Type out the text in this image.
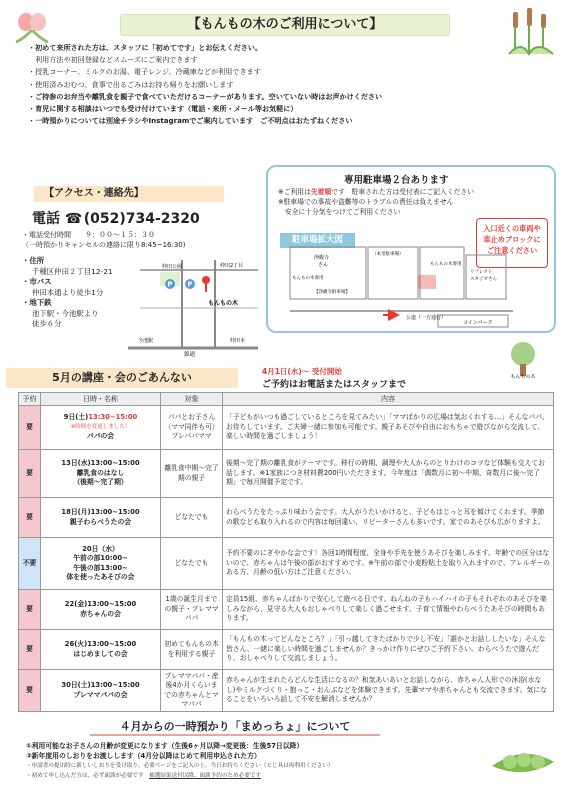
【もんもの木のご利用について】
・初めて来所された方は、スタッフに「初めてです」とお伝えください。
　利用方法や初回登録などスムーズにご案内できます
・授乳コーナー、ミルクのお湯、電子レンジ、冷蔵庫などが利用できます
・使用済みおむつ、食事で出るごみはお持ち帰りをお願いします
・ご持参のお弁当や離乳食を親子で食べていただけるコーナーがあります。空いていない時はお声かけください
・育児に関する相談はいつでも受け付けています（電話・来所・メール等お気軽に）
・一時預かりについては別途チラシやInstagramでご案内しています　ご不明点はおたずねください
【アクセス・連絡先】
電話 ☎ (052)734-2320
・電話受付時間　　９：００～１５：３０
（一時預かりキャンセルの連絡に限り8:45~16:30)
・住所
千種区仲田２丁目12-21
・市バス
仲田本通より徒歩1分
・地下鉄
池下駅・今池駅より
徒歩６分
P P
仲田公園	仲田2丁目
もんもの木
今池駅
錦通
仲田本
専用駐車場２台あります
※ご利用は先着順です　駐車された方は受付表にご記入ください
※駐車場での事故や盗難等のトラブルの責任は負えません
　安全に十分気をつけてご利用ください
駐車場拡大図
入口近くの車両や
車止めブロックに
ご注意ください
浄観寺
さん
（本堂駐車場）
もんもの木専用
【浄観寺駐車場】
もんもの木専用
リフレクト
スタジオさん
公道（一方通行）
コインパーク
もんもの木
5月の講座・会のごあんない	4月1日(水)～ 受付開始
ご予約はお電話またはスタッフまで
予約	日時・名称	対象	内容
要	9日(土)13:30~15:00
※時間を変更しました！
パパの会	パパとお子さん（ママ同伴も可）プレパパママ	「子どもがいつも過ごしているところを見てみたい」「ママばかりの広場は気おくれする…」そんなパパ、お待ちしています。ご夫婦一緒に参加も可能です。親子あそびや自由におもちゃで遊びながら交流して、楽しい時間を過ごしましょう！
要	13日(水)13:00~15:00
離乳食のはなし
（後期～完了期）	離乳食中期～完了期の親子	後期～完了期の離乳食がテーマです。移行の時期、調理や大人からのとりわけのコツなど体験も交えてお話します。※1家族につき材料費200円いただきます。今年度は「偶数月に初～中期、奇数月に後～完了期」で毎月開催予定です。
要	18日(月)13:00~15:00
親子わらべうたの会	どなたでも	わらべうたをたっぷり味わう会です。大人がうたいかけると、子どもはじっと耳を傾けてくれます。季節の歌なども取り入れるので内容は毎回違い、リピーターさんも多いです。家でのあそびも広がりますよ。
不要	20日（水）
午前の部10:00~
午後の部13:00~
体を使ったあそびの会	どなたでも	予約不要のにぎやかな会です！各回1時間程度、全身や手先を使うあそびを楽しみます。年齢での区分はないので、赤ちゃんは午後の部がおすすめです。※午前の部で小麦粉粘土を取り入れますので、アレルギーのある方、月齢の低い方はご注意ください。
要	22(金)13:00~15:00
赤ちゃんの会	1歳の誕生月までの親子・プレママパパ	定員15組、赤ちゃんばかりで安心して遊べる日です。ねんねの子もハイハイの子もそれぞれのあそびを楽しみながら、見守る大人もおしゃべりして楽しく過ごせます。子育て情報やわらべうたあそびの時間もあります。
要	26(火)13:00~15:00
はじめましての会	初めてもんもの木を利用する親子	「もんもの木ってどんなところ？」「引っ越してきたばかりで少し不安」「誰かとお話ししたいな」そんな皆さん、一緒に楽しい時間を過ごしませんか？きっかけ作りにぜひご予約下さい。わらべうたで遊んだり、おしゃべりして交流しましょう。
要	30日(土)13:00~15:00
プレママパパの会	プレママパパ・産後4か月くらいまでの赤ちゃんとママパパ	赤ちゃんが生まれたらどんな生活になるの？和気あいあいとお話しながら、赤ちゃん人形での沐浴(水なし)やミルクづくり・抱っこ・おんぶなどを体験できます。先輩ママや赤ちゃんとも交流できます。気になることをいろいろ話して不安を解消しませんか？
４月からの一時預かり「まめっちょ」について
①利用可能なお子さんの月齢が変更になります（生後6ヶ月以降→変更後：生後57日以降）
②新年度用のしおりをお渡しします（4月分以降はじめて利用申込された方）
・申請書の提出時に新しいしおりを受け取り、必要ページをご記入の上、当日お持ちください（とじ具は再利用ください）
・初めて申し込んだ方は、必ず面談が必要です　 抽選結果送付以降、面談予約のため必要です
